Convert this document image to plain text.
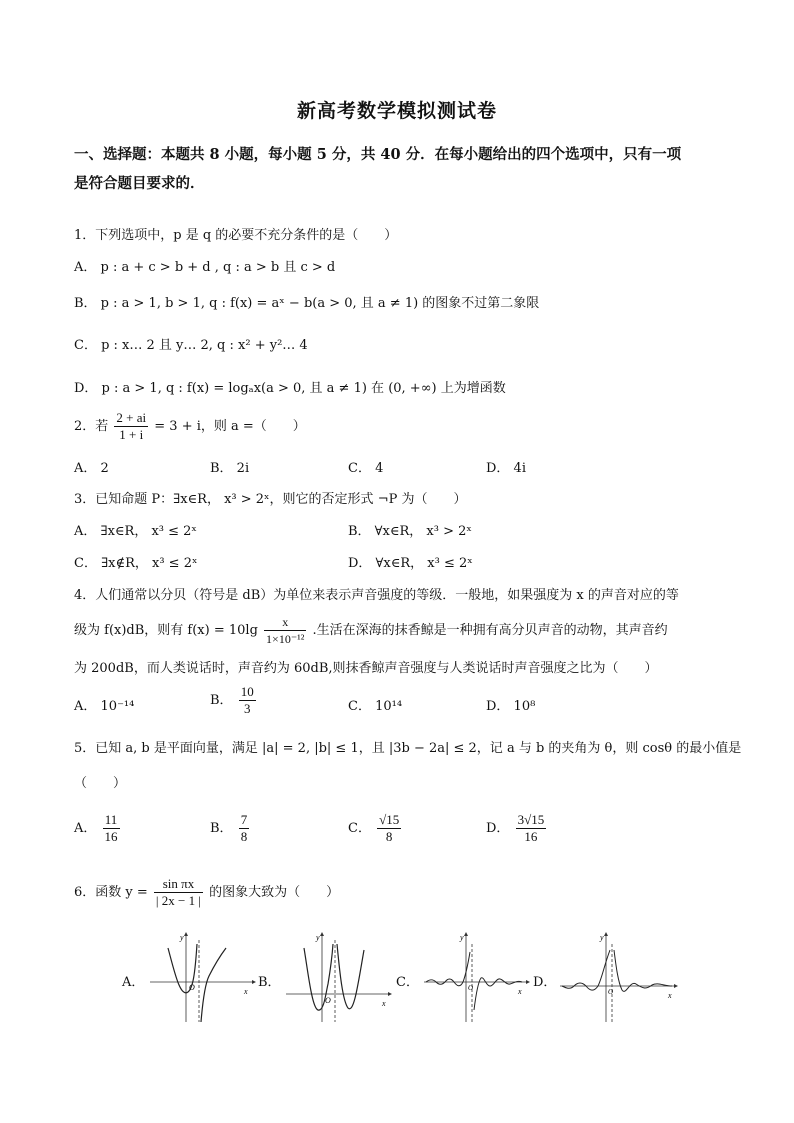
新高考数学模拟测试卷
一、选择题：本题共 8 小题，每小题 5 分，共 40 分．在每小题给出的四个选项中，只有一项
是符合题目要求的．
1．下列选项中，p 是 q 的必要不充分条件的是（　　）
A． p : a + c > b + d , q : a > b 且 c > d
B． p : a > 1, b > 1, q : f(x) = aˣ − b(a > 0, 且 a ≠ 1) 的图象不过第二象限
C． p : x… 2 且 y… 2, q : x² + y²… 4
D． p : a > 1, q : f(x) = logₐx(a > 0, 且 a ≠ 1) 在 (0, +∞) 上为增函数
2．若 $\frac{2 + ai}{1 + i} = 3 + i$，则 a =（　　）
A． 2	B． 2i	C． 4	D． 4i
3．已知命题 P：∃x∈R， x³ > 2ˣ，则它的否定形式 ¬P 为（　　）
A． ∃x∈R， x³ ≤ 2ˣ	B． ∀x∈R， x³ > 2ˣ
C． ∃x∉R， x³ ≤ 2ˣ	D． ∀x∈R， x³ ≤ 2ˣ
4．人们通常以分贝（符号是 dB）为单位来表示声音强度的等级．一般地，如果强度为 x 的声音对应的等
级为 f(x)dB，则有 $f(x) = 10\lg \frac{x}{\text{1×10⁻¹²}}$ .生活在深海的抹香鲸是一种拥有高分贝声音的动物，其声音约
为 200dB，而人类说话时，声音约为 60dB,则抹香鲸声音强度与人类说话时声音强度之比为（　　）
A． 10⁻¹⁴	B． $\frac{10}{3}$	C． 10¹⁴	D． 10⁸
5．已知 a, b 是平面向量，满足 |a| = 2, |b| ≤ 1，且 |3b − 2a| ≤ 2，记 a 与 b 的夹角为 θ，则 cosθ 的最小值是
（　　）
A． $\frac{11}{16}$	B． $\frac{7}{8}$	C． $\frac{√15}{8}$	D． $\frac{3√15}{16}$
6．函数 $y = \frac{\text{sin πx}}{| 2x - 1 |}$ 的图象大致为（　　）
A．	B．	C．	D．
y
x
O
y
x
O
y
x
O
y
x
O
